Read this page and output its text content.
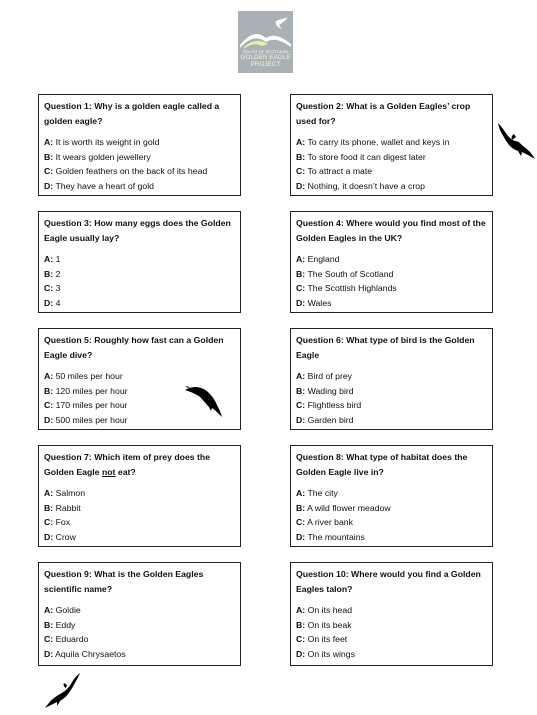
SOUTH OF SCOTLAND
GOLDEN EAGLE
PROJECT

Question 1: Why is a golden eagle called a golden eagle?

A: It is worth its weight in gold

B: It wears golden jewellery

C: Golden feathers on the back of its head

D: They have a heart of gold

Question 2: What is a Golden Eagles’ crop used for?

A: To carry its phone, wallet and keys in

B: To store food it can digest later

C: To attract a mate

D: Nothing, it doesn’t have a crop

Question 3: How many eggs does the Golden Eagle usually lay?

A: 1

B: 2

C: 3

D: 4

Question 4: Where would you find most of the Golden Eagles in the UK?

A: England

B: The South of Scotland

C: The Scottish Highlands

D: Wales

Question 5: Roughly how fast can a Golden Eagle dive?

A: 50 miles per hour

B: 120 miles per hour

C: 170 miles per hour

D: 500 miles per hour

Question 6: What type of bird is the Golden Eagle

A: Bird of prey

B: Wading bird

C: Flightless bird

D: Garden bird

Question 7: Which item of prey does the Golden Eagle not eat?

A: Salmon

B: Rabbit

C: Fox

D: Crow

Question 8: What type of habitat does the Golden Eagle live in?

A: The city

B: A wild flower meadow

C: A river bank

D: The mountains

Question 9: What is the Golden Eagles scientific name?

A: Goldie

B: Eddy

C: Eduardo

D: Aquila Chrysaetos

Question 10: Where would you find a Golden Eagles talon?

A: On its head

B: On its beak

C: On its feet

D: On its wings
